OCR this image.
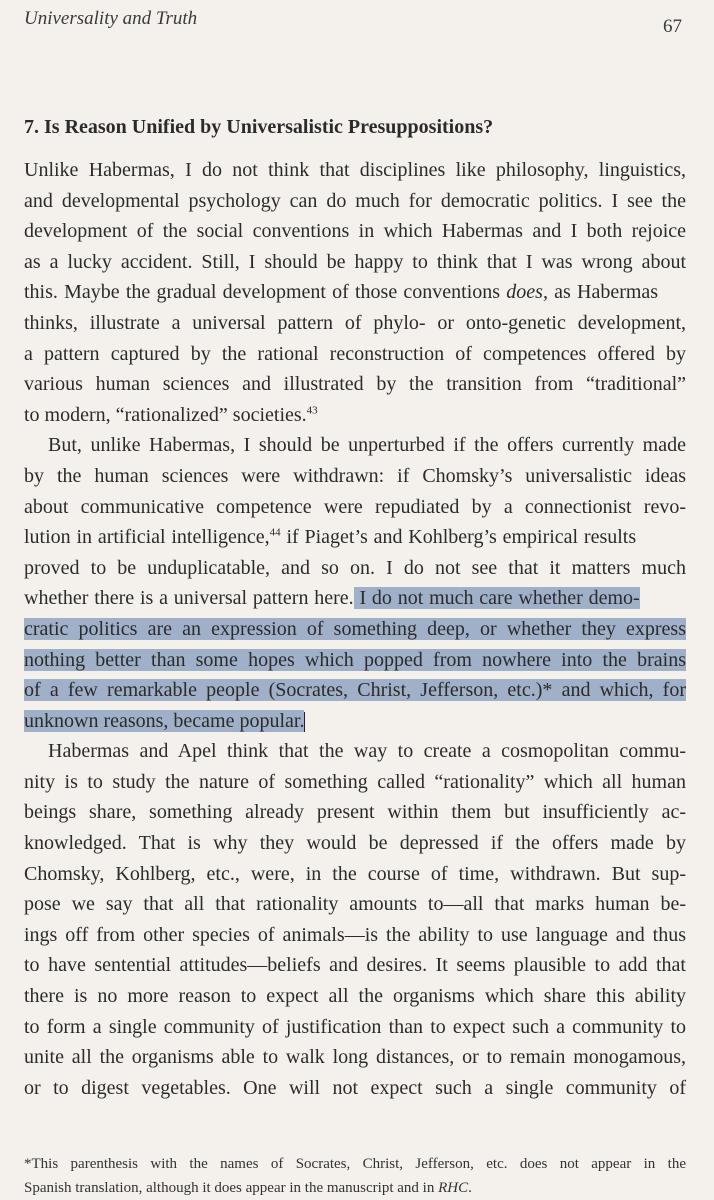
Universality and Truth	67
7. Is Reason Unified by Universalistic Presuppositions?
Unlike Habermas, I do not think that disciplines like philosophy, linguistics,
and developmental psychology can do much for democratic politics. I see the
development of the social conventions in which Habermas and I both rejoice
as a lucky accident. Still, I should be happy to think that I was wrong about
this. Maybe the gradual development of those conventions does, as Habermas
thinks, illustrate a universal pattern of phylo- or onto-genetic development,
a pattern captured by the rational reconstruction of competences offered by
various human sciences and illustrated by the transition from “traditional”
to modern, “rationalized” societies.$^{43}$
But, unlike Habermas, I should be unperturbed if the offers currently made
by the human sciences were withdrawn: if Chomsky’s universalistic ideas
about communicative competence were repudiated by a connectionist revo-
lution in artificial intelligence,$^{44}$ if Piaget’s and Kohlberg’s empirical results
proved to be unduplicatable, and so on. I do not see that it matters much
whether there is a universal pattern here. I do not much care whether demo-
cratic politics are an expression of something deep, or whether they express
nothing better than some hopes which popped from nowhere into the brains
of a few remarkable people (Socrates, Christ, Jefferson, etc.)* and which, for
unknown reasons, became popular.
Habermas and Apel think that the way to create a cosmopolitan commu-
nity is to study the nature of something called “rationality” which all human
beings share, something already present within them but insufficiently ac-
knowledged. That is why they would be depressed if the offers made by
Chomsky, Kohlberg, etc., were, in the course of time, withdrawn. But sup-
pose we say that all that rationality amounts to—all that marks human be-
ings off from other species of animals—is the ability to use language and thus
to have sentential attitudes—beliefs and desires. It seems plausible to add that
there is no more reason to expect all the organisms which share this ability
to form a single community of justification than to expect such a community to
unite all the organisms able to walk long distances, or to remain monogamous,
or to digest vegetables. One will not expect such a single community of
*This parenthesis with the names of Socrates, Christ, Jefferson, etc. does not appear in the
Spanish translation, although it does appear in the manuscript and in RHC.
